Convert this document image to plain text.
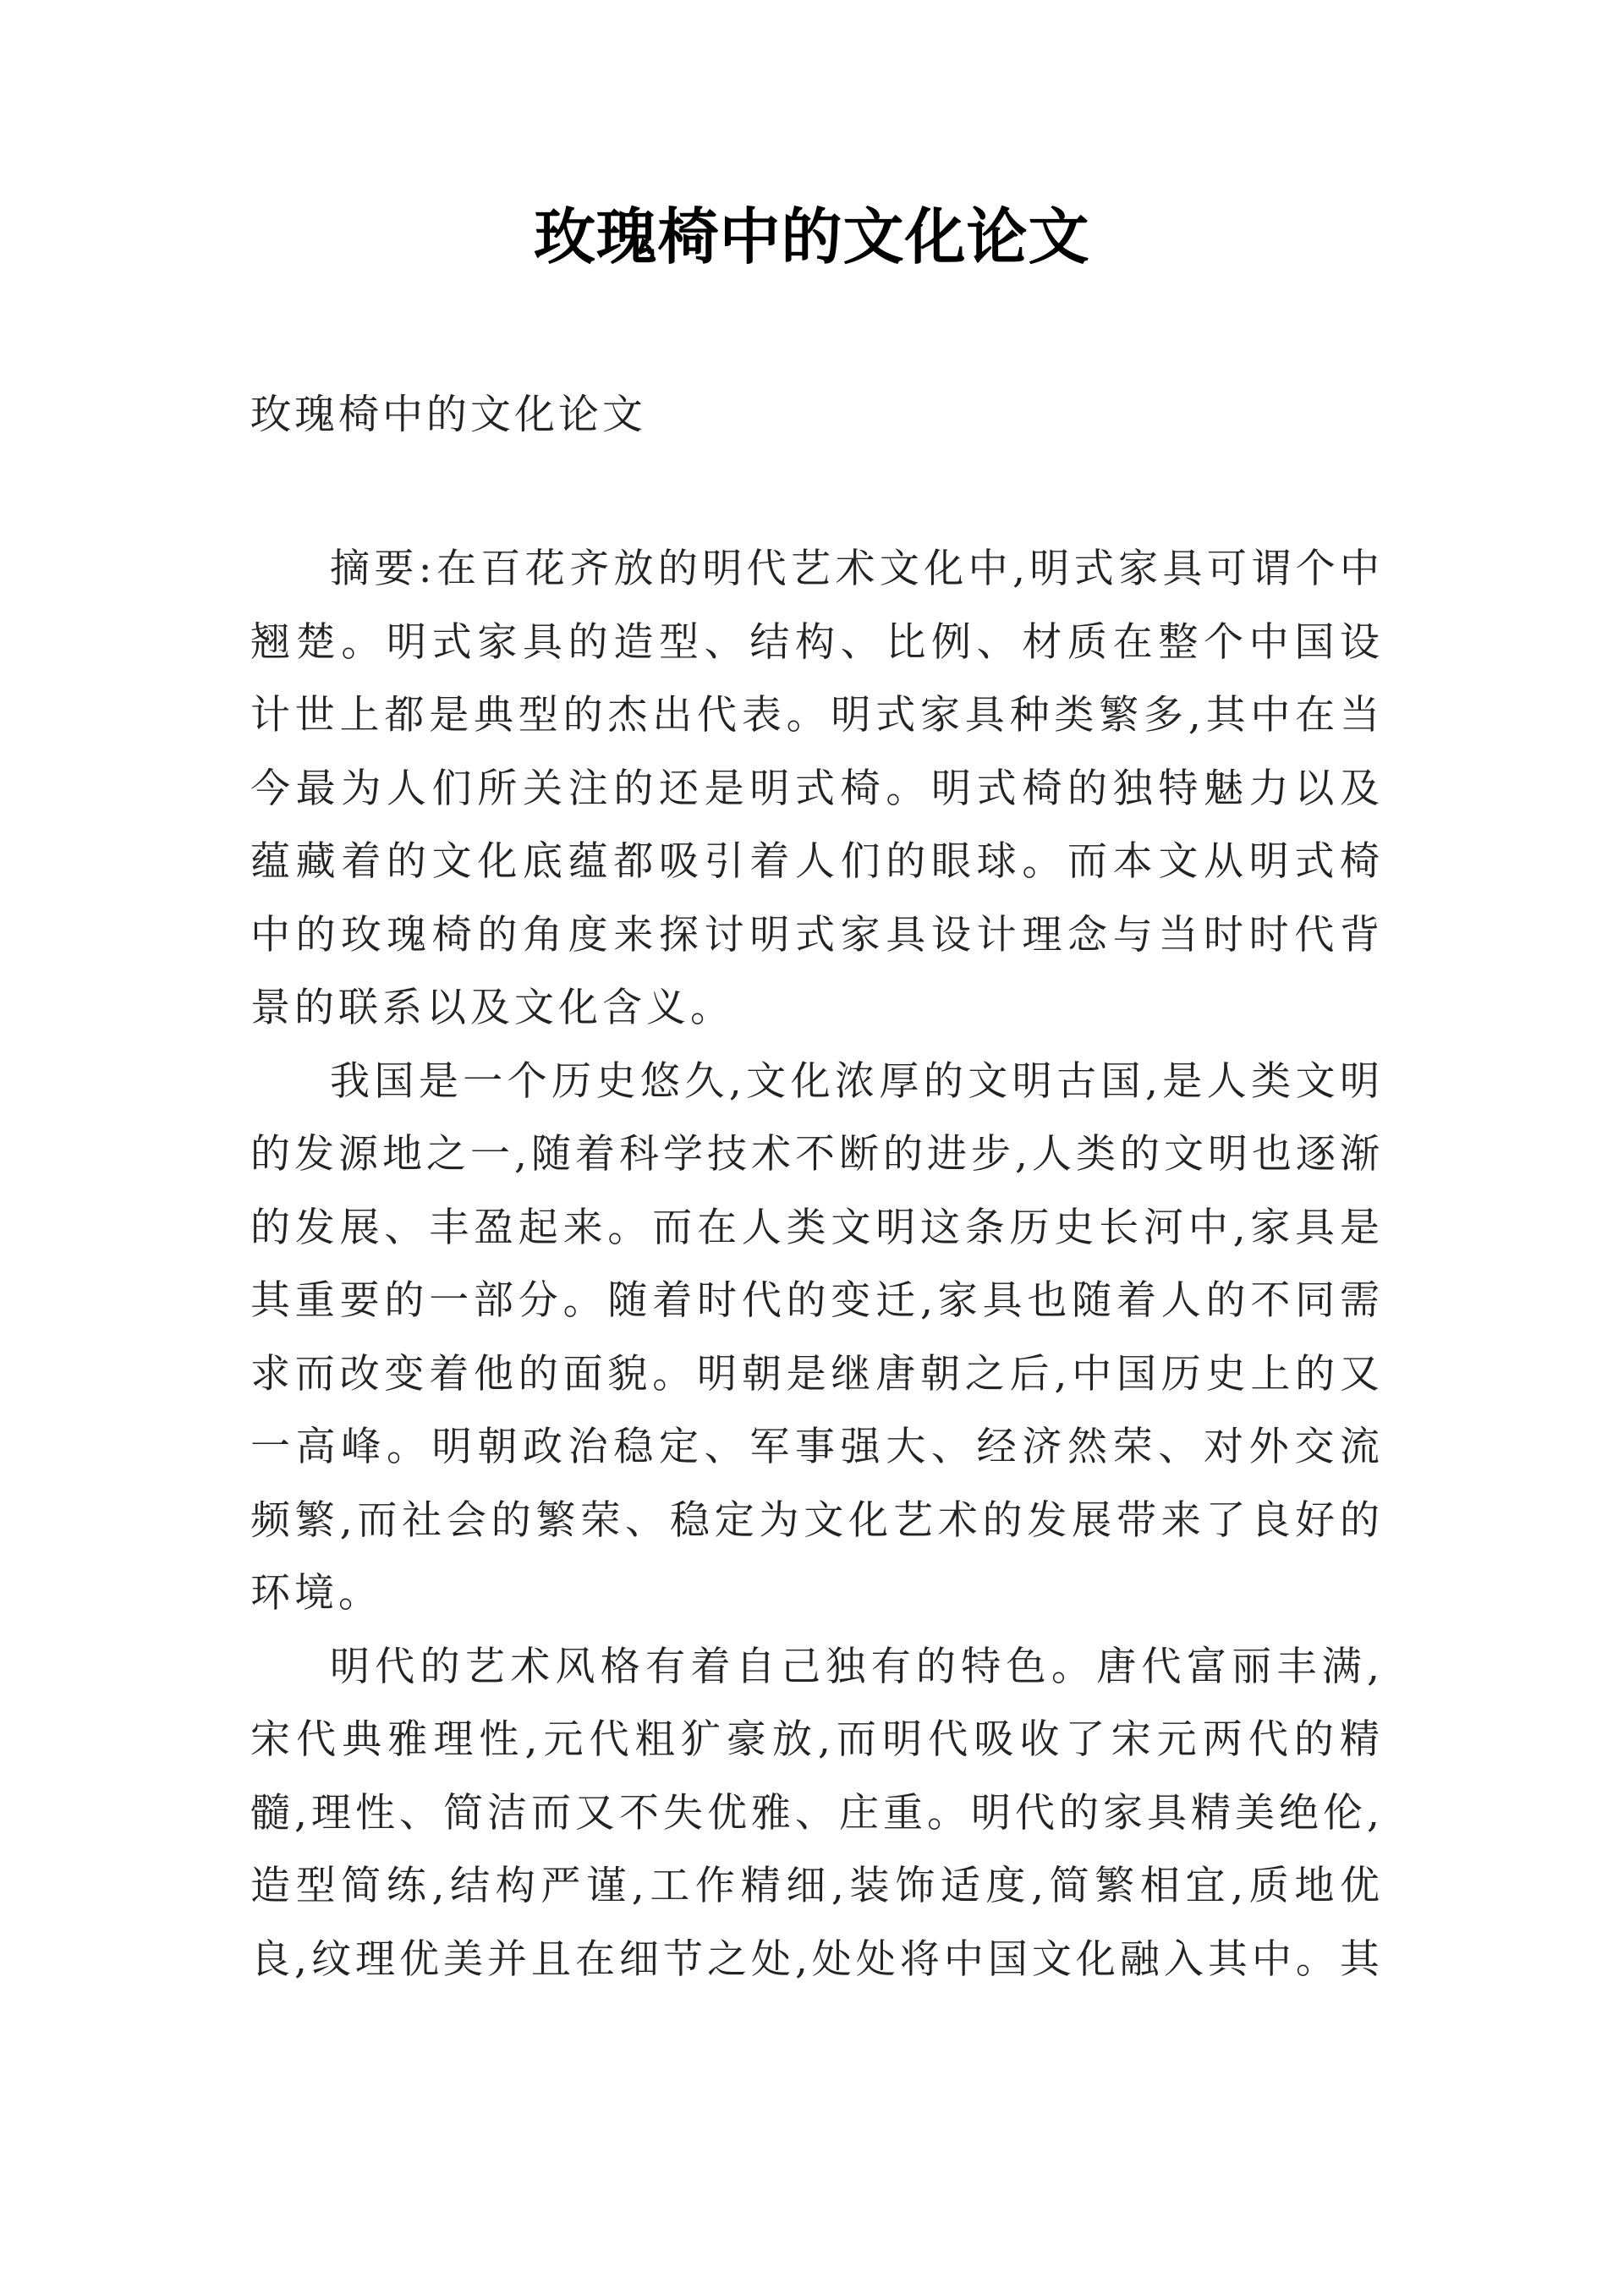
玫瑰椅中的文化论文
玫瑰椅中的文化论文

摘要:在百花齐放的明代艺术文化中,明式家具可谓个中翘楚。明式家具的造型、结构、比例、材质在整个中国设计世上都是典型的杰出代表。明式家具种类繁多,其中在当今最为人们所关注的还是明式椅。明式椅的独特魅力以及蕴藏着的文化底蕴都吸引着人们的眼球。而本文从明式椅中的玫瑰椅的角度来探讨明式家具设计理念与当时时代背景的联系以及文化含义。

我国是一个历史悠久,文化浓厚的文明古国,是人类文明的发源地之一,随着科学技术不断的进步,人类的文明也逐渐的发展、丰盈起来。而在人类文明这条历史长河中,家具是其重要的一部分。随着时代的变迁,家具也随着人的不同需求而改变着他的面貌。明朝是继唐朝之后,中国历史上的又一高峰。明朝政治稳定、军事强大、经济然荣、对外交流频繁,而社会的繁荣、稳定为文化艺术的发展带来了良好的环境。

明代的艺术风格有着自己独有的特色。唐代富丽丰满,宋代典雅理性,元代粗犷豪放,而明代吸收了宋元两代的精髓,理性、简洁而又不失优雅、庄重。明代的家具精美绝伦,造型简练,结构严谨,工作精细,装饰适度,简繁相宜,质地优良,纹理优美并且在细节之处,处处将中国文化融入其中。其
